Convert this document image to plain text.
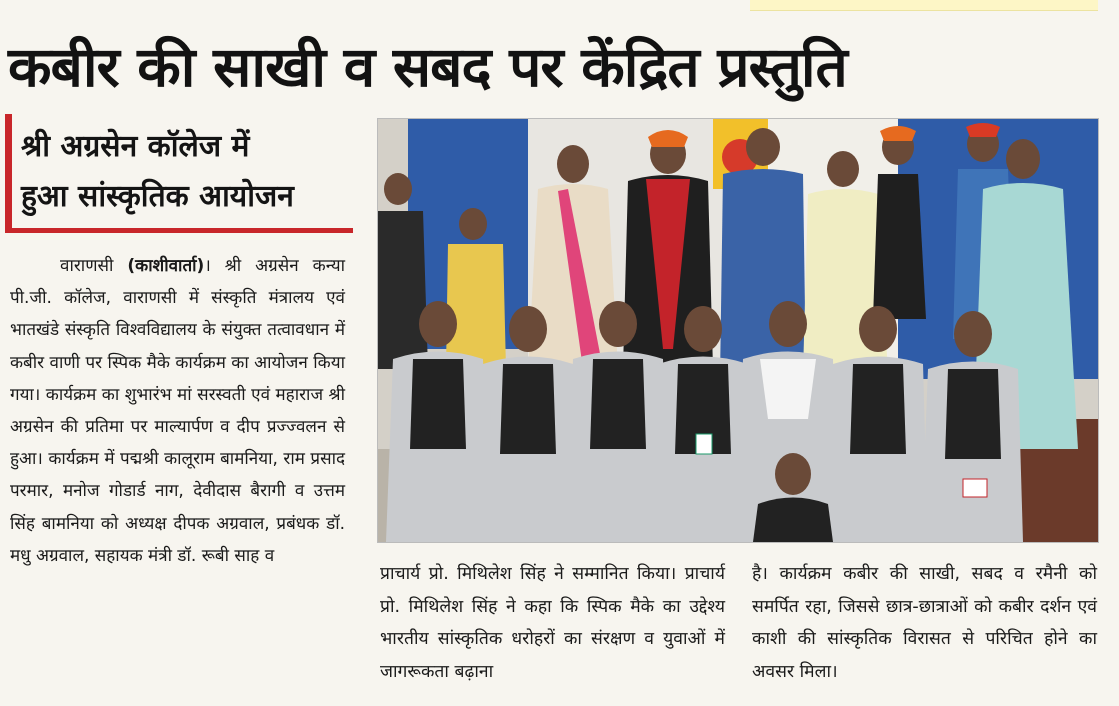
कबीर की साखी व सबद पर केंद्रित प्रस्तुति
श्री अग्रसेन कॉलेज में
हुआ सांस्कृतिक आयोजन

वाराणसी (काशीवार्ता)। श्री अग्रसेन कन्या पी.जी. कॉलेज, वाराणसी में संस्कृति मंत्रालय एवं भातखंडे संस्कृति विश्वविद्यालय के संयुक्त तत्वावधान में कबीर वाणी पर स्पिक मैके कार्यक्रम का आयोजन किया गया। कार्यक्रम का शुभारंभ मां सरस्वती एवं महाराज श्री अग्रसेन की प्रतिमा पर माल्यार्पण व दीप प्रज्ज्वलन से हुआ। कार्यक्रम में पद्मश्री कालूराम बामनिया, राम प्रसाद परमार, मनोज गोडार्ड नाग, देवीदास बैरागी व उत्तम सिंह बामनिया को अध्यक्ष दीपक अग्रवाल, प्रबंधक डॉ. मधु अग्रवाल, सहायक मंत्री डॉ. रूबी साह व

प्राचार्य प्रो. मिथिलेश सिंह ने सम्मानित किया। प्राचार्य प्रो. मिथिलेश सिंह ने कहा कि स्पिक मैके का उद्देश्य भारतीय सांस्कृतिक धरोहरों का संरक्षण व युवाओं में जागरूकता बढ़ाना

है। कार्यक्रम कबीर की साखी, सबद व रमैनी को समर्पित रहा, जिससे छात्र-छात्राओं को कबीर दर्शन एवं काशी की सांस्कृतिक विरासत से परिचित होने का अवसर मिला।
